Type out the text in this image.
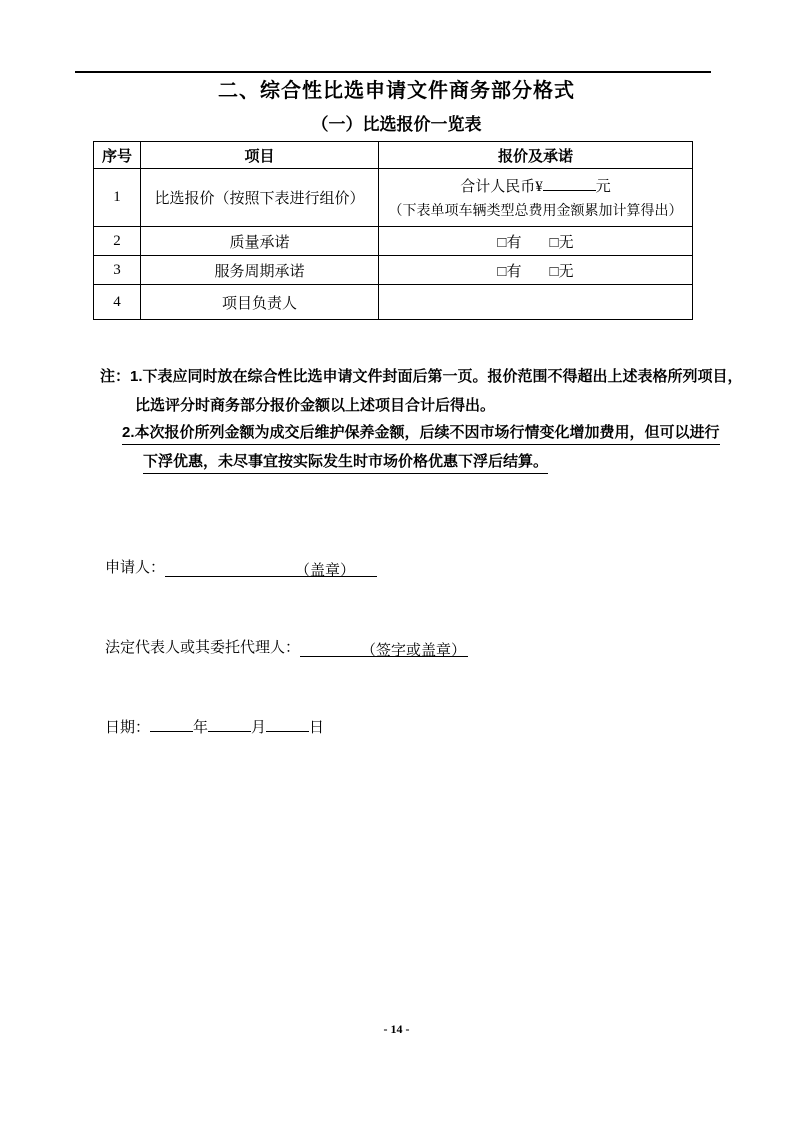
二、综合性比选申请文件商务部分格式
（一）比选报价一览表
序号	项目	报价及承诺
1	比选报价（按照下表进行组价）	合计人民币¥ 元
（下表单项车辆类型总费用金额累加计算得出）

2	质量承诺	□有 □无

3	服务周期承诺	□有 □无

4	项目负责人	
注：1.下表应同时放在综合性比选申请文件封面后第一页。报价范围不得超出上述表格所列项目，
比选评分时商务部分报价金额以上述项目合计后得出。
2.本次报价所列金额为成交后维护保养金额，后续不因市场行情变化增加费用，但可以进行
下浮优惠，未尽事宜按实际发生时市场价格优惠下浮后结算。
申请人：	（盖章）
法定代表人或其委托代理人：	（签字或盖章）
日期：	年	月	日
- 14 -
